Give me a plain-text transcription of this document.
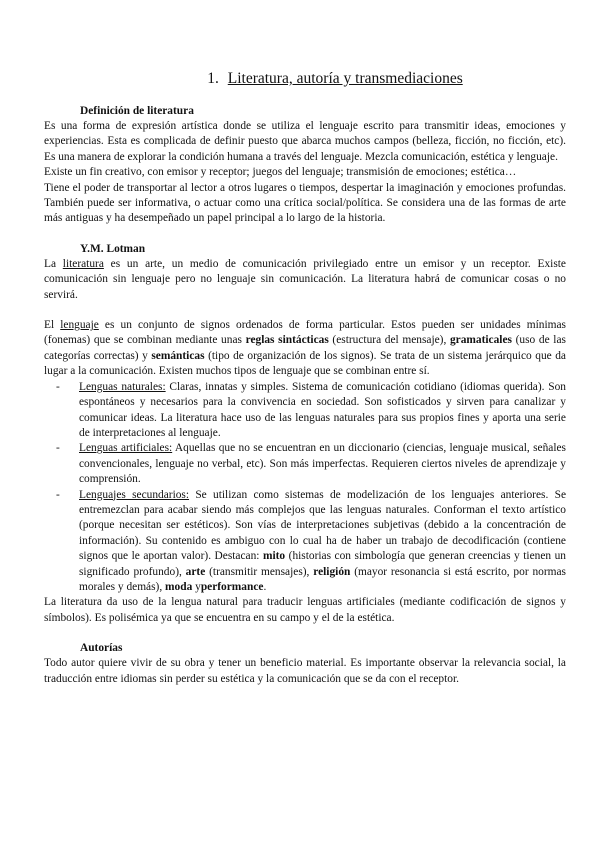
1. Literatura, autoría y transmediaciones
Definición de literatura

Es una forma de expresión artística donde se utiliza el lenguaje escrito para transmitir ideas, emociones y experiencias. Esta es complicada de definir puesto que abarca muchos campos (belleza, ficción, no ficción, etc). Es una manera de explorar la condición humana a través del lenguaje. Mezcla comunicación, estética y lenguaje.

Existe un fin creativo, con emisor y receptor; juegos del lenguaje; transmisión de emociones; estética…

Tiene el poder de transportar al lector a otros lugares o tiempos, despertar la imaginación y emociones profundas. También puede ser informativa, o actuar como una crítica social/política. Se considera una de las formas de arte más antiguas y ha desempeñado un papel principal a lo largo de la historia.

Y.M. Lotman

La literatura es un arte, un medio de comunicación privilegiado entre un emisor y un receptor. Existe comunicación sin lenguaje pero no lenguaje sin comunicación. La literatura habrá de comunicar cosas o no servirá.

El lenguaje es un conjunto de signos ordenados de forma particular. Estos pueden ser unidades mínimas (fonemas) que se combinan mediante unas reglas sintácticas (estructura del mensaje), gramaticales (uso de las categorías correctas) y semánticas (tipo de organización de los signos). Se trata de un sistema jerárquico que da lugar a la comunicación. Existen muchos tipos de lenguaje que se combinan entre sí.

-	Lenguas naturales: Claras, innatas y simples. Sistema de comunicación cotidiano (idiomas querida). Son espontáneos y necesarios para la convivencia en sociedad. Son sofisticados y sirven para canalizar y comunicar ideas. La literatura hace uso de las lenguas naturales para sus propios fines y aporta una serie de interpretaciones al lenguaje.

-	Lenguas artificiales: Aquellas que no se encuentran en un diccionario (ciencias, lenguaje musical, señales convencionales, lenguaje no verbal, etc). Son más imperfectas. Requieren ciertos niveles de aprendizaje y comprensión.

-	Lenguajes secundarios: Se utilizan como sistemas de modelización de los lenguajes anteriores. Se entremezclan para acabar siendo más complejos que las lenguas naturales. Conforman el texto artístico (porque necesitan ser estéticos). Son vías de interpretaciones subjetivas (debido a la concentración de información). Su contenido es ambiguo con lo cual ha de haber un trabajo de decodificación (contiene signos que le aportan valor). Destacan: mito (historias con simbología que generan creencias y tienen un significado profundo), arte (transmitir mensajes), religión (mayor resonancia si está escrito, por normas morales y demás), moda yperformance.

La literatura da uso de la lengua natural para traducir lenguas artificiales (mediante codificación de signos y símbolos). Es polisémica ya que se encuentra en su campo y el de la estética.

Autorías

Todo autor quiere vivir de su obra y tener un beneficio material. Es importante observar la relevancia social, la traducción entre idiomas sin perder su estética y la comunicación que se da con el receptor.
